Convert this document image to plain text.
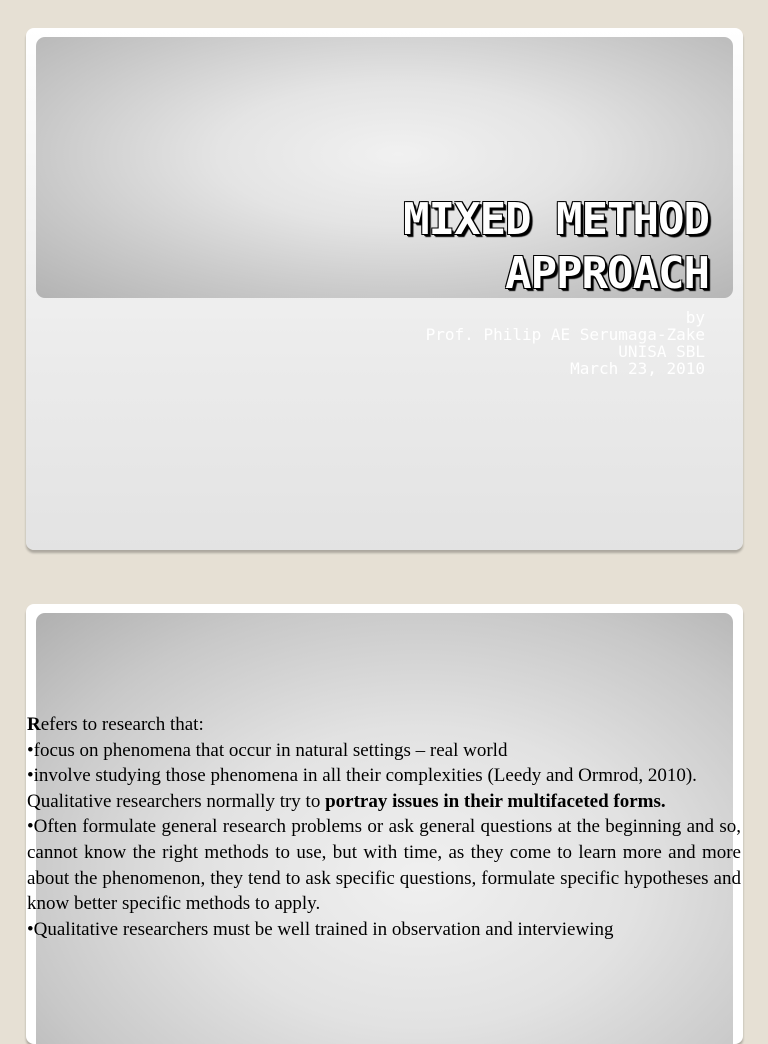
MIXED METHOD
APPROACH
by
Prof. Philip AE Serumaga-Zake
UNISA SBL
March 23, 2010

Refers to research that:

•focus on phenomena that occur in natural settings – real world

•involve studying those phenomena in all their complexities (Leedy and Ormrod, 2010).

Qualitative researchers normally try to portray issues in their multifaceted forms.

•Often formulate general research problems or ask general questions at the beginning and so, cannot know the right methods to use, but with time, as they come to learn more and more about the phenomenon, they tend to ask specific questions, formulate specific hypotheses and know better specific methods to apply.

•Qualitative researchers must be well trained in observation and interviewing
